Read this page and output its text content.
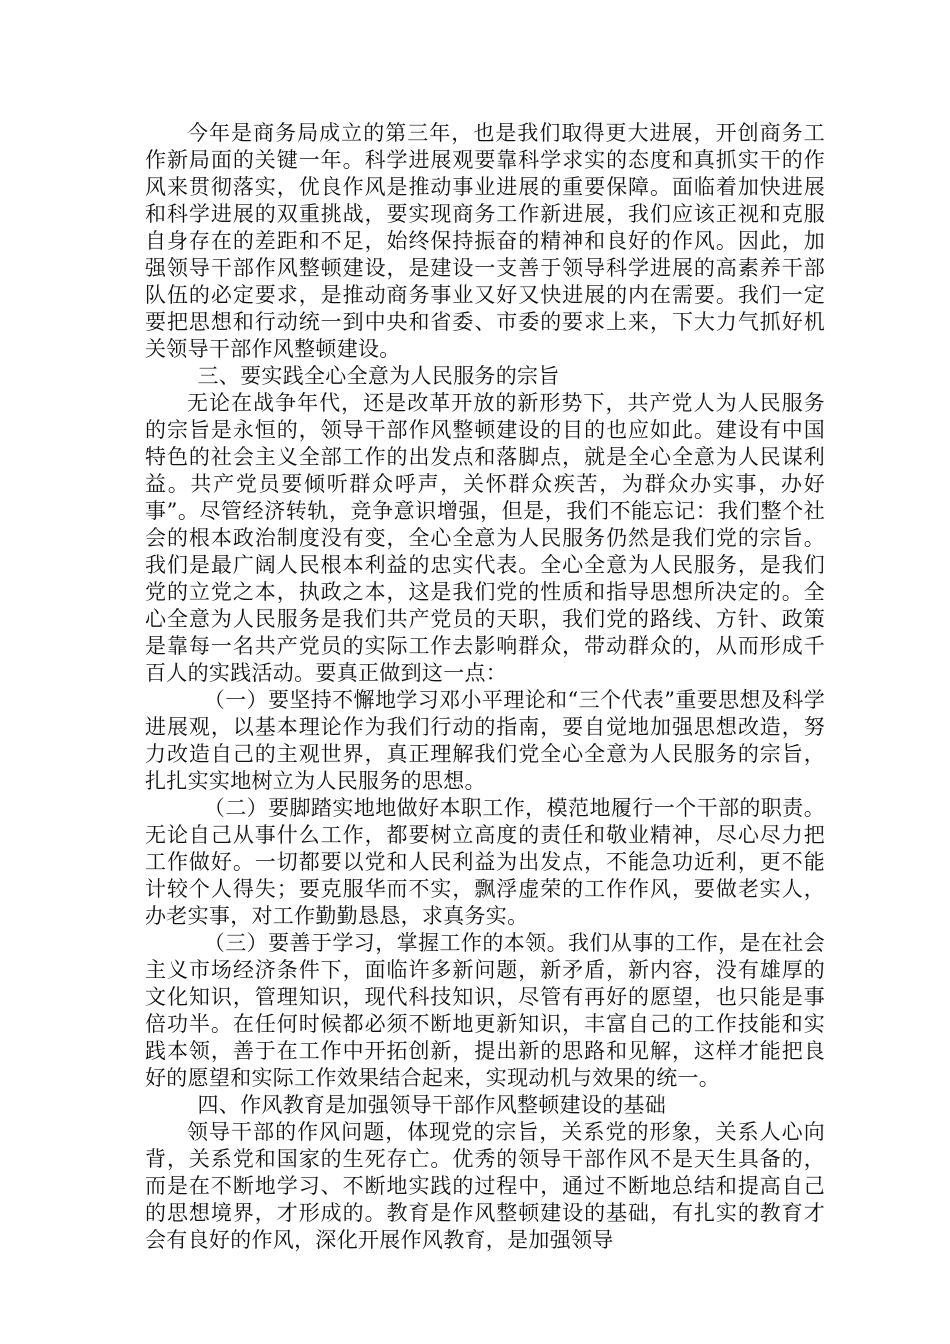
今年是商务局成立的第三年，也是我们取得更大进展，开创商务工作新局面的关键一年。科学进展观要靠科学求实的态度和真抓实干的作风来贯彻落实，优良作风是推动事业进展的重要保障。面临着加快进展和科学进展的双重挑战，要实现商务工作新进展，我们应该正视和克服自身存在的差距和不足，始终保持振奋的精神和良好的作风。因此，加强领导干部作风整顿建设，是建设一支善于领导科学进展的高素养干部队伍的必定要求，是推动商务事业又好又快进展的内在需要。我们一定要把思想和行动统一到中央和省委、市委的要求上来，下大力气抓好机关领导干部作风整顿建设。

三、要实践全心全意为人民服务的宗旨

无论在战争年代，还是改革开放的新形势下，共产党人为人民服务的宗旨是永恒的，领导干部作风整顿建设的目的也应如此。建设有中国特色的社会主义全部工作的出发点和落脚点，就是全心全意为人民谋利益。共产党员要倾听群众呼声，关怀群众疾苦，为群众办实事，办好事”。尽管经济转轨，竞争意识增强，但是，我们不能忘记：我们整个社会的根本政治制度没有变，全心全意为人民服务仍然是我们党的宗旨。我们是最广阔人民根本利益的忠实代表。全心全意为人民服务，是我们党的立党之本，执政之本，这是我们党的性质和指导思想所决定的。全心全意为人民服务是我们共产党员的天职，我们党的路线、方针、政策是靠每一名共产党员的实际工作去影响群众，带动群众的，从而形成千百人的实践活动。要真正做到这一点：

（一）要坚持不懈地学习邓小平理论和“三个代表”重要思想及科学进展观，以基本理论作为我们行动的指南，要自觉地加强思想改造，努力改造自己的主观世界，真正理解我们党全心全意为人民服务的宗旨，扎扎实实地树立为人民服务的思想。

（二）要脚踏实地地做好本职工作，模范地履行一个干部的职责。无论自己从事什么工作，都要树立高度的责任和敬业精神，尽心尽力把工作做好。一切都要以党和人民利益为出发点，不能急功近利，更不能计较个人得失；要克服华而不实，飘浮虚荣的工作作风，要做老实人，办老实事，对工作勤勤恳恳，求真务实。

（三）要善于学习，掌握工作的本领。我们从事的工作，是在社会主义市场经济条件下，面临许多新问题，新矛盾，新内容，没有雄厚的文化知识，管理知识，现代科技知识，尽管有再好的愿望，也只能是事倍功半。在任何时候都必须不断地更新知识，丰富自己的工作技能和实践本领，善于在工作中开拓创新，提出新的思路和见解，这样才能把良好的愿望和实际工作效果结合起来，实现动机与效果的统一。

四、作风教育是加强领导干部作风整顿建设的基础

领导干部的作风问题，体现党的宗旨，关系党的形象，关系人心向背，关系党和国家的生死存亡。优秀的领导干部作风不是天生具备的，而是在不断地学习、不断地实践的过程中，通过不断地总结和提高自己的思想境界，才形成的。教育是作风整顿建设的基础，有扎实的教育才会有良好的作风，深化开展作风教育，是加强领导
